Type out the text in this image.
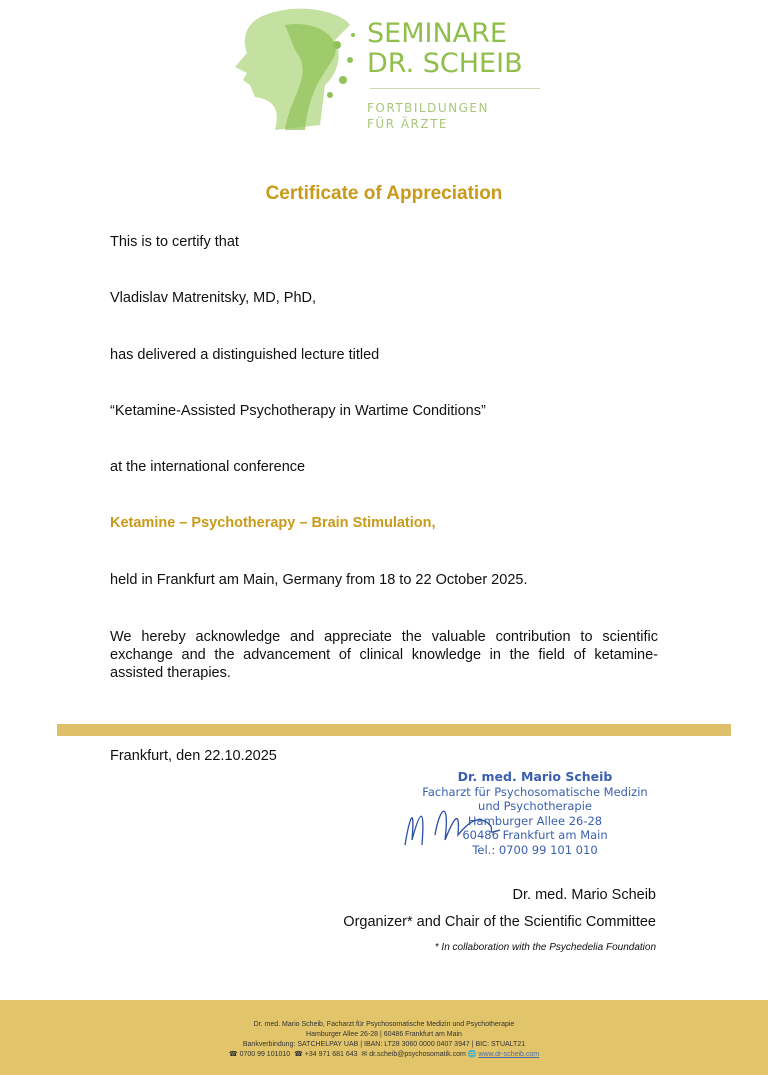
SEMINARE
DR. SCHEIB
FORTBILDUNGEN
FÜR ÄRZTE
Certificate of Appreciation
This is to certify that
Vladislav Matrenitsky, MD, PhD,
has delivered a distinguished lecture titled
“Ketamine-Assisted Psychotherapy in Wartime Conditions”
at the international conference
Ketamine – Psychotherapy – Brain Stimulation,
held in Frankfurt am Main, Germany from 18 to 22 October 2025.
We hereby acknowledge and appreciate the valuable contribution to scientific exchange and the advancement of clinical knowledge in the field of ketamine-assisted therapies.
Frankfurt, den 22.10.2025
Dr. med. Mario Scheib
Facharzt für Psychosomatische Medizin
und Psychotherapie
Hamburger Allee 26-28
60486 Frankfurt am Main
Tel.: 0700 99 101 010
Dr. med. Mario Scheib
Organizer* and Chair of the Scientific Committee
* In collaboration with the Psychedelia Foundation
Dr. med. Mario Scheib, Facharzt für Psychosomatische Medizin und Psychotherapie
Hamburger Allee 26-28 | 60486 Frankfurt am Main
Bankverbindung: SATCHELPAY UAB | IBAN: LT28 3060 0000 0407 3947 | BIC: STUALT21
☎ 0700 99 101010 ☎ +34 971 681 643 ✉ dr.scheib@psychosomatik.com 🌐 www.dr-scheib.com
